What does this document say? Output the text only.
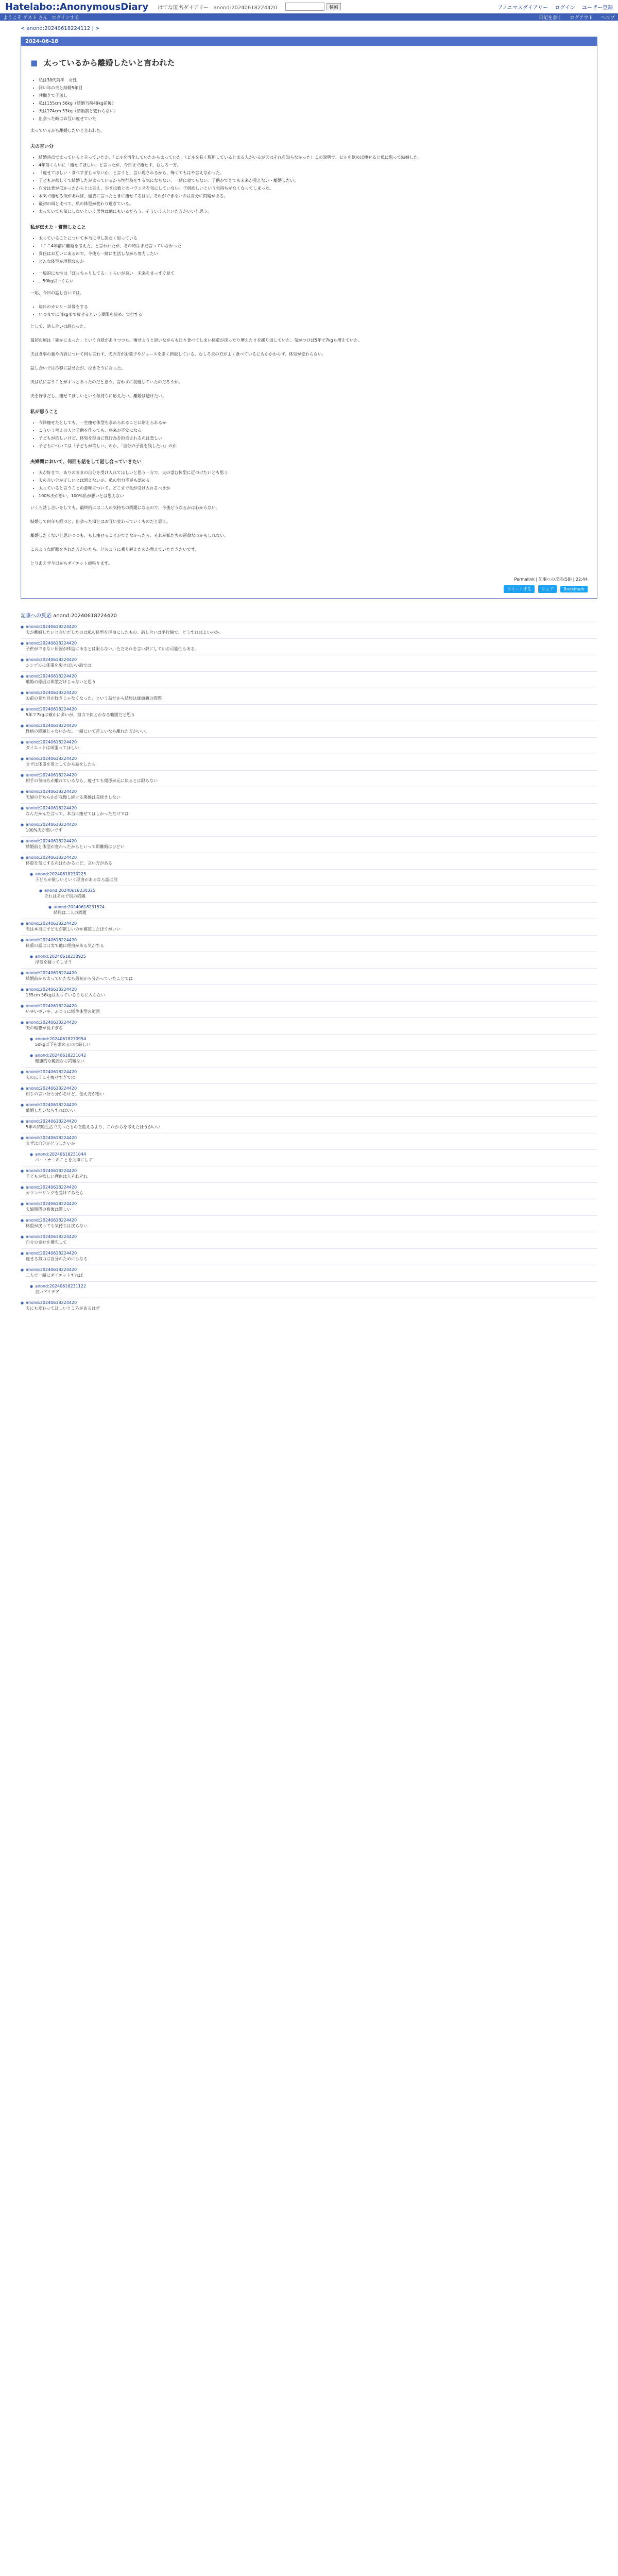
Hatelabo::AnonymousDiary はてな匿名ダイアリー anond:20240618224420	検索	アノニマスダイアリー ログイン ユーザー登録
ようこそ ゲスト さん ログインする	日記を書く ログアウト ヘルプ
< anond:20240618224112 | >
2024-06-18
■ 太っているから離婚したいと言われた
• 私は30代前半　女性
• 同い年の夫と結婚5年目
• 共働きで子無し
• 私は155cm 56kg（結婚当初49kg前後）
• 夫は174cm 53kg（結婚前と変わらない）
• 出会った時はお互い痩せていた

太っているから離婚したいと言われた。

夫の言い分
• 結婚時点で太っていると言っていたが、「ビルを消化していたから太っていた」（ピルを長く服用していると太る人がいるが夫はそれを知らなかった）この説明で、ピルを飲めば痩せると私に思って結婚した。
• 4年前くらいに「痩せてほしい」と言ったが、今日まで痩せず、むしろ一方。
• 「痩せてほしい・食べすぎじゃないか」と言うと、言い返されるから、怖くてもはや言えなかった。
• 子どもが欲しくて結婚したが太っているから性行為をする気にならない、一緒に寝てもない。子供ができても未来が見えない・離婚したい。
• 自分は背が低かったからとは言え、歩きは彼とのバランスを気にしていない。子供欲しいという気持ちがなくなってしまった。
• 本気で痩せる気があれば、過去に言ったときに痩せてるはず。それができないのは自分に問題がある。
• 最初の頃と比べて、私の体型が変わり過ぎている。
• 太っていても気にしないという男性は他にもいるだろう。そういう人といた方がいいと思う。
私が伝えた・質問したこと
• 太っていることについて本当に申し訳なく思っている
• 「ここ4年前に離婚を考えた」と言われたが、その時はまだ言っていなかった
• 責任はお互いにあるので、今後も一緒に生活しながら努力したい
• どんな体型が理想なのか
• 一般的に女性は「ぽっちゃりしてる」くらいが良い　未来をまっすぐ見て
• …50kg以下くらい

一応、今日の話し合いでは、

• 毎日のカロリー計算をする
• いつまでに何kgまで痩せるという期限を決め、実行する

として、話し合いは終わった。

最初の頃は「確かに太った」という自覚がありつつも、痩せようと思いながらも日々食べてしまい体重が戻ったり増えたりを繰り返していた。気がつけば5年で7kgも増えていた。

夫は食事の量や内容について何も言わず、夫の方がお菓子やジュースを多く摂取している。むしろ夫の方がよく食べているにもかかわらず、体型が変わらない。

話し合いでは冷静に話せたが、泣きそうになった。

夫は私に言うことがずっとあったのだと思う。言わずに我慢していたのだろうか。

夫を好きだし、痩せてほしいという気持ちに応えたい。離婚は避けたい。

私が思うこと
• 今回痩せたとしても、一生痩せ体型を求められることに耐えられるか
• こういう考えの人と子供を作っても、将来が不安になる
• 子どもが欲しいけど、体型を理由に性行為を拒否されるのは悲しい
• 子どもについては「子どもが欲しい」のか、「自分の子孫を残したい」のか
夫婦間において、何回も話をして話し合っていきたい
• 夫が好きで、ありのままの自分を受け入れてほしいと思う一方で、夫の望む体型に近づけたいとも思う
• 夫の言い分が正しいとは思えないが、私の努力不足も認める
• 太っていると言うことの意味について、どこまで私が受け入れるべきか
• 100%夫が悪い、100%私が悪いとは思えない

いくら話し合いをしても、最終的には二人の気持ちの問題になるので、今後どうなるかはわからない。

結婚して何年も経つと、出会った頃とはお互い変わっていくものだと思う。

離婚したくないと思いつつも、もし痩せることができなかったら、それが私たちの運命なのかもしれない。

このような経験をされた方がいたら、どのように乗り越えたのか教えていただきたいです。

とりあえず今日からダイエット頑張ります。

Permalink | 記事への反応(58) | 22:44
ツイートする シェア Bookmark
記事への反応 anond:20240618224420
● anond:20240618224420
夫が離婚したいと言いだしたのは私の体型を理由にしたもの。話し合いは平行線で、どうすればよいのか。
● anond:20240618224420
子供ができない原因が体型にあるとは限らない。ただそれを言い訳にしている可能性もある。
● anond:20240618224420
シンプルに体重を戻せばいい話では
● anond:20240618224420
離婚の原因は体型だけじゃないと思う
● anond:20240618224420
お前の見た目が好きじゃなくなった、という話だから結局は価値観の問題
● anond:20240618224420
5年で7kgは確かに多いが、努力で何とかなる範囲だと思う
● anond:20240618224420
性格の問題じゃないかな。一緒にいて苦しいなら離れた方がいい。
● anond:20240618224420
ダイエットは頑張ってほしい
● anond:20240618224420
まずは体重を落としてから話をしたら
● anond:20240618224420
相手の気持ちが離れているなら、痩せても関係が元に戻るとは限らない
● anond:20240618224420
夫婦のどちらかが我慢し続ける関係は長続きしない
● anond:20240618224420
なんだかんだ言って、本当に痩せてほしかっただけでは
● anond:20240618224420
100%夫が悪いです
● anond:20240618224420
結婚前と体型が変わったからといって即離婚はひどい
● anond:20240618224420
体重を気にするのはわかるけど、言い方がある
● anond:20240618230225
子どもが欲しいという理由があるなら話は別
● anond:20240618230325
それはそれで別の問題
● anond:20240618231524
結局は二人の問題
● anond:20240618224420
夫は本当に子どもが欲しいのか確認したほうがいい
● anond:20240618224420
体重の話は口実で他に理由がある気がする
● anond:20240618230925
浮気を疑ってしまう
● anond:20240618224420
結婚前から太っていたなら最初から分かっていたことでは
● anond:20240618224420
155cm 56kgは太っているうちに入らない
● anond:20240618224420
いやいやいや、ふつうに標準体型の範囲
● anond:20240618224420
夫の理想が高すぎる
● anond:20240618230954
50kg以下を求めるのは厳しい
● anond:20240618231042
健康的な範囲なら問題ない
● anond:20240618224420
夫のほうこそ痩せすぎでは
● anond:20240618224420
相手の言い分も分かるけど、伝え方が悪い
● anond:20240618224420
離婚したいならすればいい
● anond:20240618224420
5年の結婚生活で失ったものを数えるより、これからを考えたほうがいい
● anond:20240618224420
まずは自分がどうしたいか
● anond:20240618231044
パートナーのことを大事にして
● anond:20240618224420
子どもが欲しい理由は人それぞれ
● anond:20240618224420
カウンセリングを受けてみたら
● anond:20240618224420
夫婦関係の修復は難しい
● anond:20240618224420
体重が戻っても気持ちは戻らない
● anond:20240618224420
自分の幸せを優先して
● anond:20240618224420
痩せる努力は自分のためにもなる
● anond:20240618224420
二人で一緒にダイエットすれば
● anond:20240618231122
良いアイデア
● anond:20240618224420
夫にも変わってほしいところがあるはず
